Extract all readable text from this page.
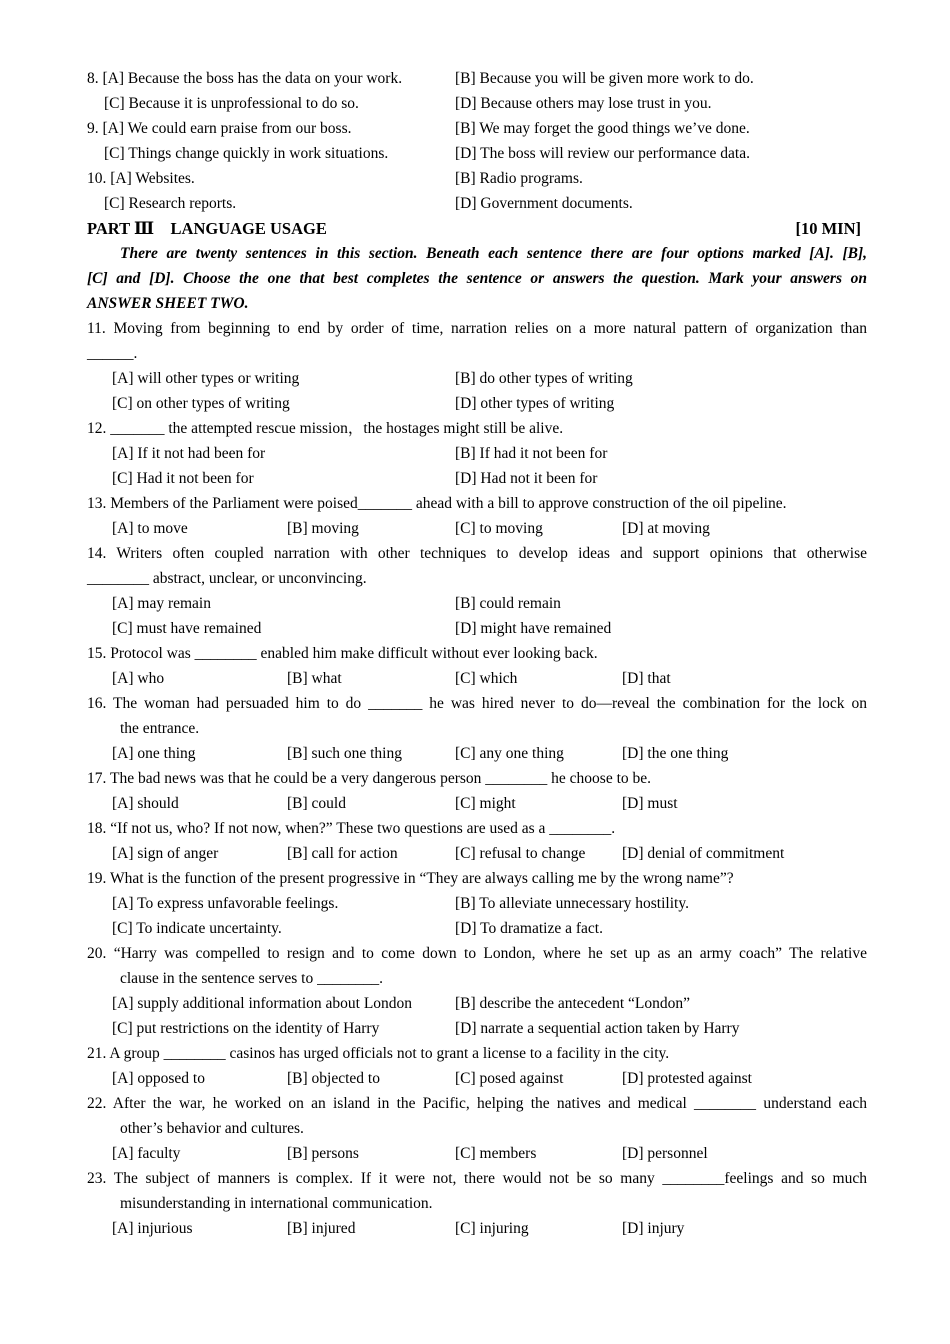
8. [A] Because the boss has the data on your work.	[B] Because you will be given more work to do.
[C] Because it is unprofessional to do so.	[D] Because others may lose trust in you.
9. [A] We could earn praise from our boss.	[B] We may forget the good things we’ve done.
[C] Things change quickly in work situations.	[D] The boss will review our performance data.
10. [A] Websites.	[B] Radio programs.
[C] Research reports.	[D] Government documents.
PART Ⅲ    LANGUAGE USAGE	[10 MIN]
There are twenty sentences in this section. Beneath each sentence there are four options marked [A]. [B],
[C] and [D]. Choose the one that best completes the sentence or answers the question. Mark your answers on
ANSWER SHEET TWO.
11. Moving from beginning to end by order of time, narration relies on a more natural pattern of organization than
______.
[A] will other types or writing	[B] do other types of writing
[C] on other types of writing	[D] other types of writing
12. _______ the attempted rescue mission，the hostages might still be alive.
[A] If it not had been for	[B] If had it not been for
[C] Had it not been for	[D] Had not it been for
13. Members of the Parliament were poised_______ ahead with a bill to approve construction of the oil pipeline.
[A] to move	[B] moving	[C] to moving	[D] at moving
14. Writers often coupled narration with other techniques to develop ideas and support opinions that otherwise
________ abstract, unclear, or unconvincing.
[A] may remain	[B] could remain
[C] must have remained	[D] might have remained
15. Protocol was ________ enabled him make difficult without ever looking back.
[A] who	[B] what	[C] which	[D] that
16. The woman had persuaded him to do _______ he was hired never to do—reveal the combination for the lock on
the entrance.
[A] one thing	[B] such one thing	[C] any one thing	[D] the one thing
17. The bad news was that he could be a very dangerous person ________ he choose to be.
[A] should	[B] could	[C] might	[D] must
18. “If not us, who? If not now, when?” These two questions are used as a ________.
[A] sign of anger	[B] call for action	[C] refusal to change [D] denial of commitment
19. What is the function of the present progressive in “They are always calling me by the wrong name”?
[A] To express unfavorable feelings.	[B] To alleviate unnecessary hostility.
[C] To indicate uncertainty.	[D] To dramatize a fact.
20. “Harry was compelled to resign and to come down to London, where he set up as an army coach” The relative
clause in the sentence serves to ________.
[A] supply additional information about London	[B] describe the antecedent “London”
[C] put restrictions on the identity of Harry	[D] narrate a sequential action taken by Harry
21. A group ________ casinos has urged officials not to grant a license to a facility in the city.
[A] opposed to	[B] objected to	[C] posed against	[D] protested against
22. After the war, he worked on an island in the Pacific, helping the natives and medical ________ understand each
other’s behavior and cultures.
[A] faculty	[B] persons	[C] members	[D] personnel
23. The subject of manners is complex. If it were not, there would not be so many ________feelings and so much
misunderstanding in international communication.
[A] injurious	[B] injured	[C] injuring	[D] injury
